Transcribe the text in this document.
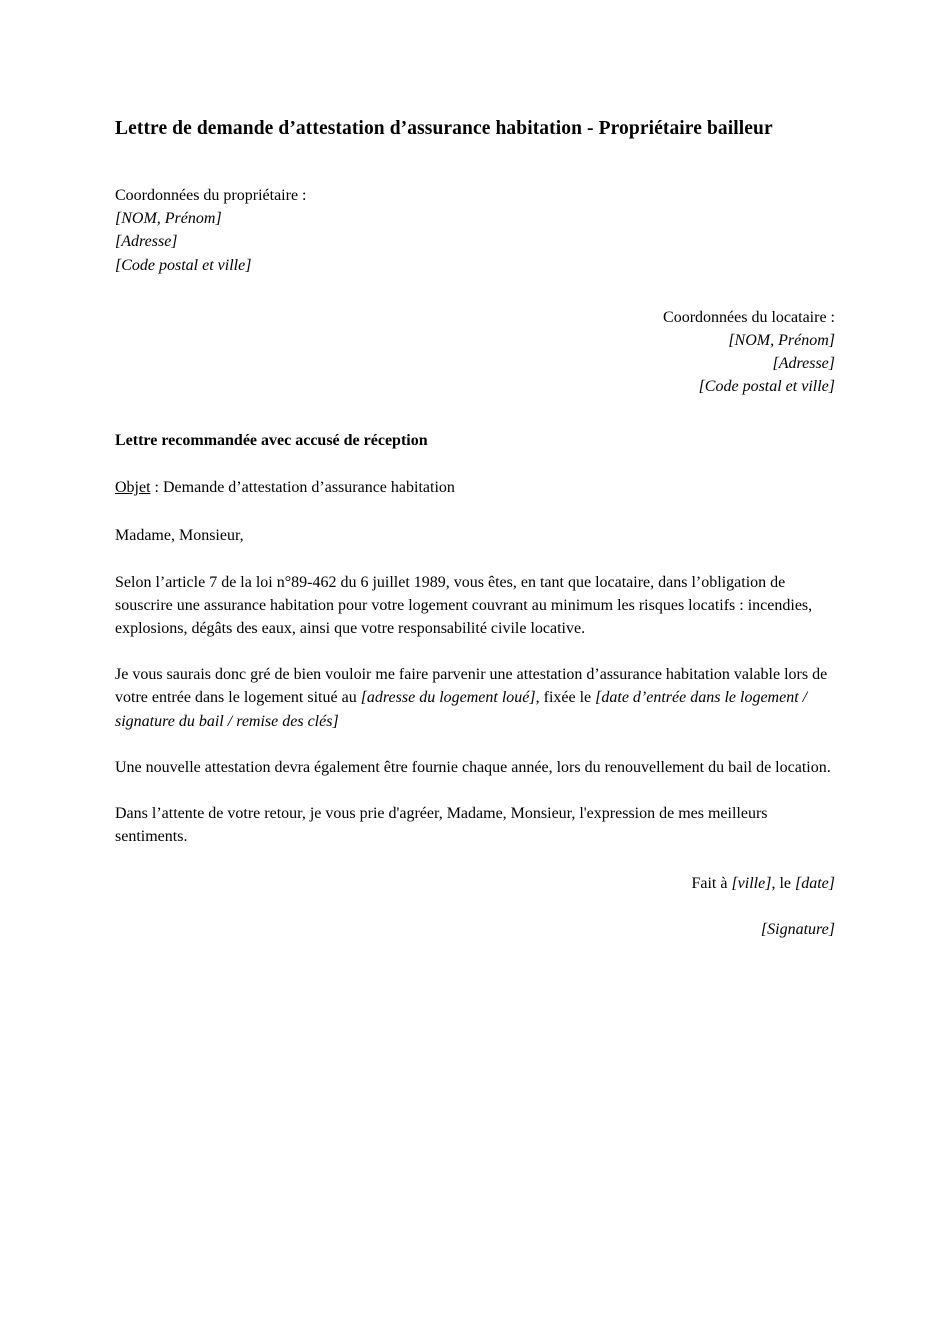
Lettre de demande d’attestation d’assurance habitation - Propriétaire bailleur
Coordonnées du propriétaire :
[NOM, Prénom]
[Adresse]
[Code postal et ville]
Coordonnées du locataire :
[NOM, Prénom]
[Adresse]
[Code postal et ville]
Lettre recommandée avec accusé de réception
Objet : Demande d’attestation d’assurance habitation
Madame, Monsieur,

Selon l’article 7 de la loi n°89-462 du 6 juillet 1989, vous êtes, en tant que locataire, dans l’obligation de souscrire une assurance habitation pour votre logement couvrant au minimum les risques locatifs : incendies, explosions, dégâts des eaux, ainsi que votre responsabilité civile locative.

Je vous saurais donc gré de bien vouloir me faire parvenir une attestation d’assurance habitation valable lors de votre entrée dans le logement situé au [adresse du logement loué], fixée le [date d’entrée dans le logement / signature du bail / remise des clés]

Une nouvelle attestation devra également être fournie chaque année, lors du renouvellement du bail de location.

Dans l’attente de votre retour, je vous prie d'agréer, Madame, Monsieur, l'expression de mes meilleurs sentiments.

Fait à [ville], le [date]
[Signature]
